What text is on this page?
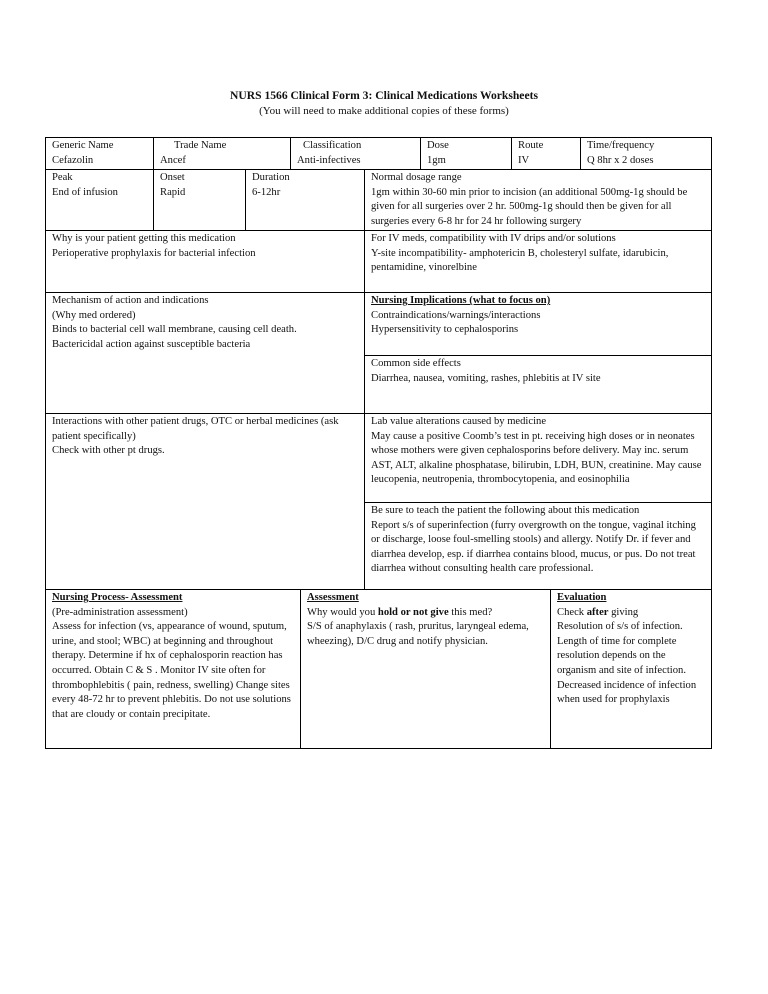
NURS 1566 Clinical Form 3: Clinical Medications Worksheets
(You will need to make additional copies of these forms)
Generic Name
Cefazolin
Trade Name
Ancef
Classification
Anti-infectives
Dose
1gm
Route
IV
Time/frequency
Q 8hr x 2 doses
Peak
End of infusion
Onset
Rapid
Duration
6-12hr
Normal dosage range
1gm within 30-60 min prior to incision (an additional 500mg-1g should be given for all surgeries over 2 hr. 500mg-1g should then be given for all surgeries every 6-8 hr for 24 hr following surgery
Why is your patient getting this medication
Perioperative prophylaxis for bacterial infection
For IV meds, compatibility with IV drips and/or solutions
Y-site incompatibility- amphotericin B, cholesteryl sulfate, idarubicin, pentamidine, vinorelbine
Mechanism of action and indications
(Why med ordered)
Binds to bacterial cell wall membrane, causing cell death.
Bactericidal action against susceptible bacteria
Nursing Implications (what to focus on)
Contraindications/warnings/interactions
Hypersensitivity to cephalosporins
Common side effects
Diarrhea, nausea, vomiting, rashes, phlebitis at IV site
Interactions with other patient drugs, OTC or herbal medicines (ask patient specifically)
Check with other pt drugs.
Lab value alterations caused by medicine
May cause a positive Coomb’s test in pt. receiving high doses or in neonates whose mothers were given cephalosporins before delivery. May inc. serum AST, ALT, alkaline phosphatase, bilirubin, LDH, BUN, creatinine. May cause leucopenia, neutropenia, thrombocytopenia, and eosinophilia
Be sure to teach the patient the following about this medication
Report s/s of superinfection (furry overgrowth on the tongue, vaginal itching or discharge, loose foul-smelling stools) and allergy. Notify Dr. if fever and diarrhea develop, esp. if diarrhea contains blood, mucus, or pus. Do not treat diarrhea without consulting health care professional.
Nursing Process- Assessment
(Pre-administration assessment)
Assess for infection (vs, appearance of wound, sputum, urine, and stool; WBC) at beginning and throughout therapy. Determine if hx of cephalosporin reaction has occurred. Obtain C & S . Monitor IV site often for thrombophlebitis ( pain, redness, swelling) Change sites every 48-72 hr to prevent phlebitis. Do not use solutions that are cloudy or contain precipitate.
Assessment
Why would you hold or not give this med?
S/S of anaphylaxis ( rash, pruritus, laryngeal edema, wheezing), D/C drug and notify physician.
Evaluation
Check after giving
Resolution of s/s of infection. Length of time for complete resolution depends on the organism and site of infection. Decreased incidence of infection when used for prophylaxis
